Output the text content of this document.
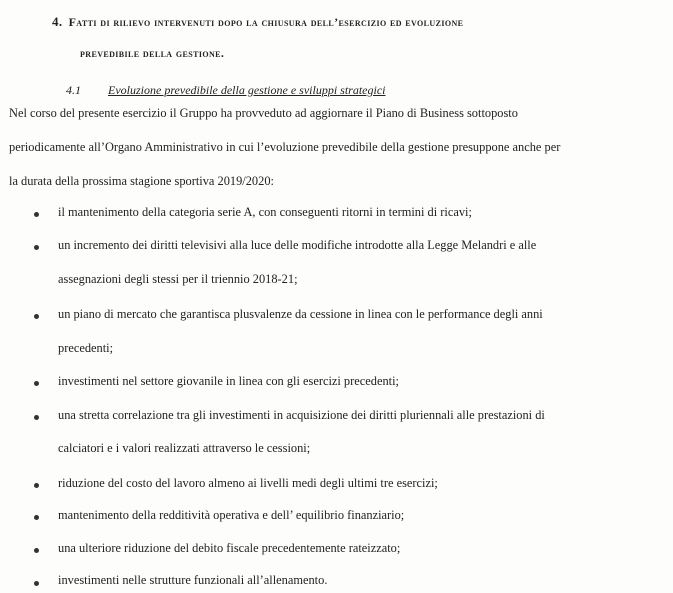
4. Fatti di rilievo intervenuti dopo la chiusura dell’esercizio ed evoluzione
prevedibile della gestione.
4.1 Evoluzione prevedibile della gestione e sviluppi strategici
Nel corso del presente esercizio il Gruppo ha provveduto ad aggiornare il Piano di Business sottoposto
periodicamente all’Organo Amministrativo in cui l’evoluzione prevedibile della gestione presuppone anche per
la durata della prossima stagione sportiva 2019/2020:
il mantenimento della categoria serie A, con conseguenti ritorni in termini di ricavi;
un incremento dei diritti televisivi alla luce delle modifiche introdotte alla Legge Melandri e alle
assegnazioni degli stessi per il triennio 2018-21;
un piano di mercato che garantisca plusvalenze da cessione in linea con le performance degli anni
precedenti;
investimenti nel settore giovanile in linea con gli esercizi precedenti;
una stretta correlazione tra gli investimenti in acquisizione dei diritti pluriennali alle prestazioni di
calciatori e i valori realizzati attraverso le cessioni;
riduzione del costo del lavoro almeno ai livelli medi degli ultimi tre esercizi;
mantenimento della redditività operativa e dell’ equilibrio finanziario;
una ulteriore riduzione del debito fiscale precedentemente rateizzato;
investimenti nelle strutture funzionali all’allenamento.
